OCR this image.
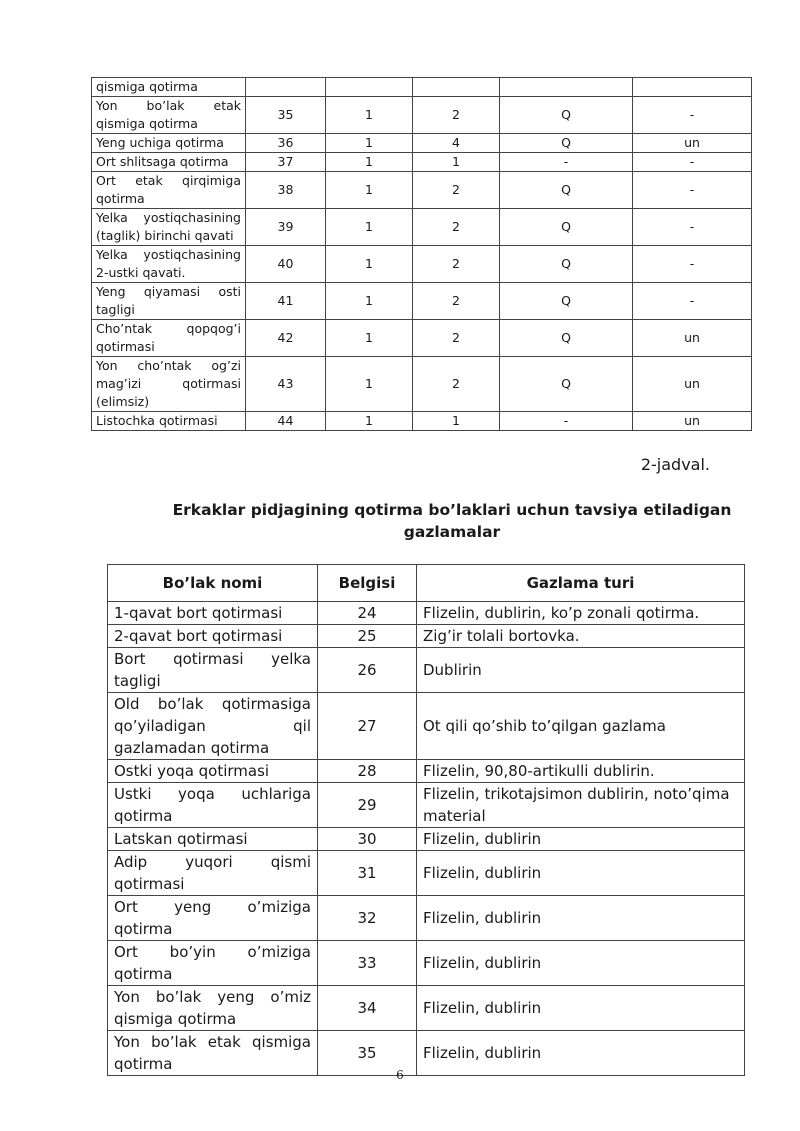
qismiga qotirma					
Yon bo’lak etak qismiga qotirma	35	1	2	Q	-
Yeng uchiga qotirma	36	1	4	Q	un
Ort shlitsaga qotirma	37	1	1	-	-
Ort etak qirqimiga qotirma	38	1	2	Q	-
Yelka yostiqchasining (taglik) birinchi qavati	39	1	2	Q	-
Yelka yostiqchasining 2-ustki qavati.	40	1	2	Q	-
Yeng qiyamasi osti tagligi	41	1	2	Q	-
Cho’ntak qopqog’i qotirmasi	42	1	2	Q	un
Yon cho’ntak og’zi mag’izi qotirmasi (elimsiz)	43	1	2	Q	un
Listochka qotirmasi	44	1	1	-	un
2-jadval.
Erkaklar pidjagining qotirma bo’laklari uchun tavsiya etiladigan gazlamalar
Bo’lak nomi	Belgisi	Gazlama turi
1-qavat bort qotirmasi	24	Flizelin, dublirin, ko’p zonali qotirma.
2-qavat bort qotirmasi	25	Zig’ir tolali bortovka.
Bort qotirmasi yelka tagligi	26	Dublirin
Old bo’lak qotirmasiga qo’yiladigan qil gazlamadan qotirma	27	Ot qili qo’shib to’qilgan gazlama
Ostki yoqa qotirmasi	28	Flizelin, 90,80-artikulli dublirin.
Ustki yoqa uchlariga qotirma	29	Flizelin, trikotajsimon dublirin, noto’qima material
Latskan qotirmasi	30	Flizelin, dublirin
Adip yuqori qismi qotirmasi	31	Flizelin, dublirin
Ort yeng o’miziga qotirma	32	Flizelin, dublirin
Ort bo’yin o’miziga qotirma	33	Flizelin, dublirin
Yon bo’lak yeng o’miz qismiga qotirma	34	Flizelin, dublirin
Yon bo’lak etak qismiga qotirma	35	Flizelin, dublirin
6
